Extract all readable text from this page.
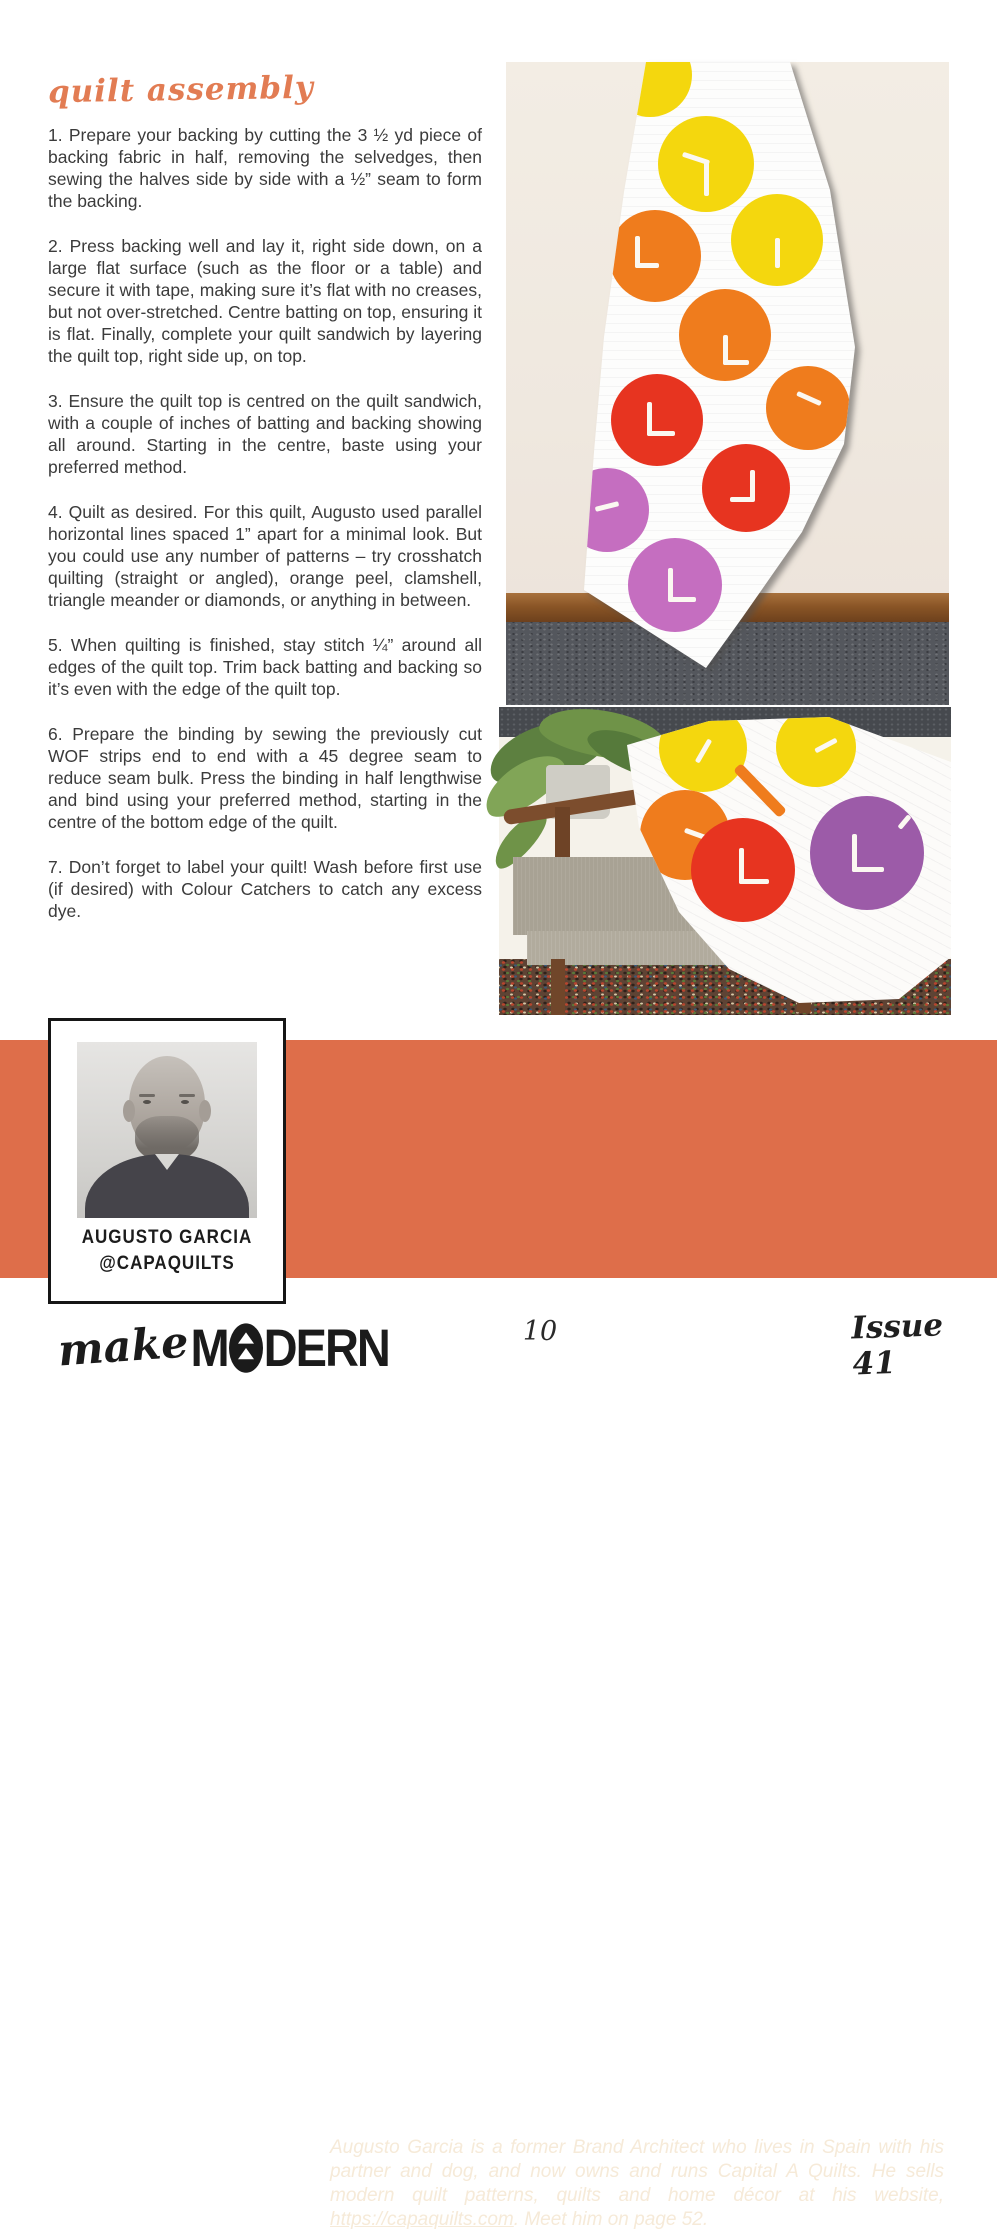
quilt assembly

1. Prepare your backing by cutting the 3 ½ yd piece of backing fabric in half, removing the selvedges, then sewing the halves side by side with a ½” seam to form the backing.

2. Press backing well and lay it, right side down, on a large flat surface (such as the floor or a table) and secure it with tape, making sure it’s flat with no creases, but not over-stretched. Centre batting on top, ensuring it is flat. Finally, complete your quilt sandwich by layering the quilt top, right side up, on top.

3. Ensure the quilt top is centred on the quilt sandwich, with a couple of inches of batting and backing showing all around. Starting in the centre, baste using your preferred method.

4. Quilt as desired. For this quilt, Augusto used parallel horizontal lines spaced 1” apart for a minimal look. But you could use any number of patterns – try crosshatch quilting (straight or angled), orange peel, clamshell, triangle meander or diamonds, or anything in between.

5. When quilting is finished, stay stitch ¼” around all edges of the quilt top. Trim back batting and backing so it’s even with the edge of the quilt top.

6. Prepare the binding by sewing the previously cut WOF strips end to end with a 45 degree seam to reduce seam bulk. Press the binding in half lengthwise and bind using your preferred method, starting in the centre of the bottom edge of the quilt.

7. Don’t forget to label your quilt! Wash before first use (if desired) with Colour Catchers to catch any excess dye.

Augusto Garcia is a former Brand Architect who lives in Spain with his partner and dog, and now owns and runs Capital A Quilts. He sells modern quilt patterns, quilts and home décor at his website, https://capaquilts.com. Meet him on page 52.
AUGUSTO GARCIA
@CAPAQUILTS
make M DERN	10	Issue 41
